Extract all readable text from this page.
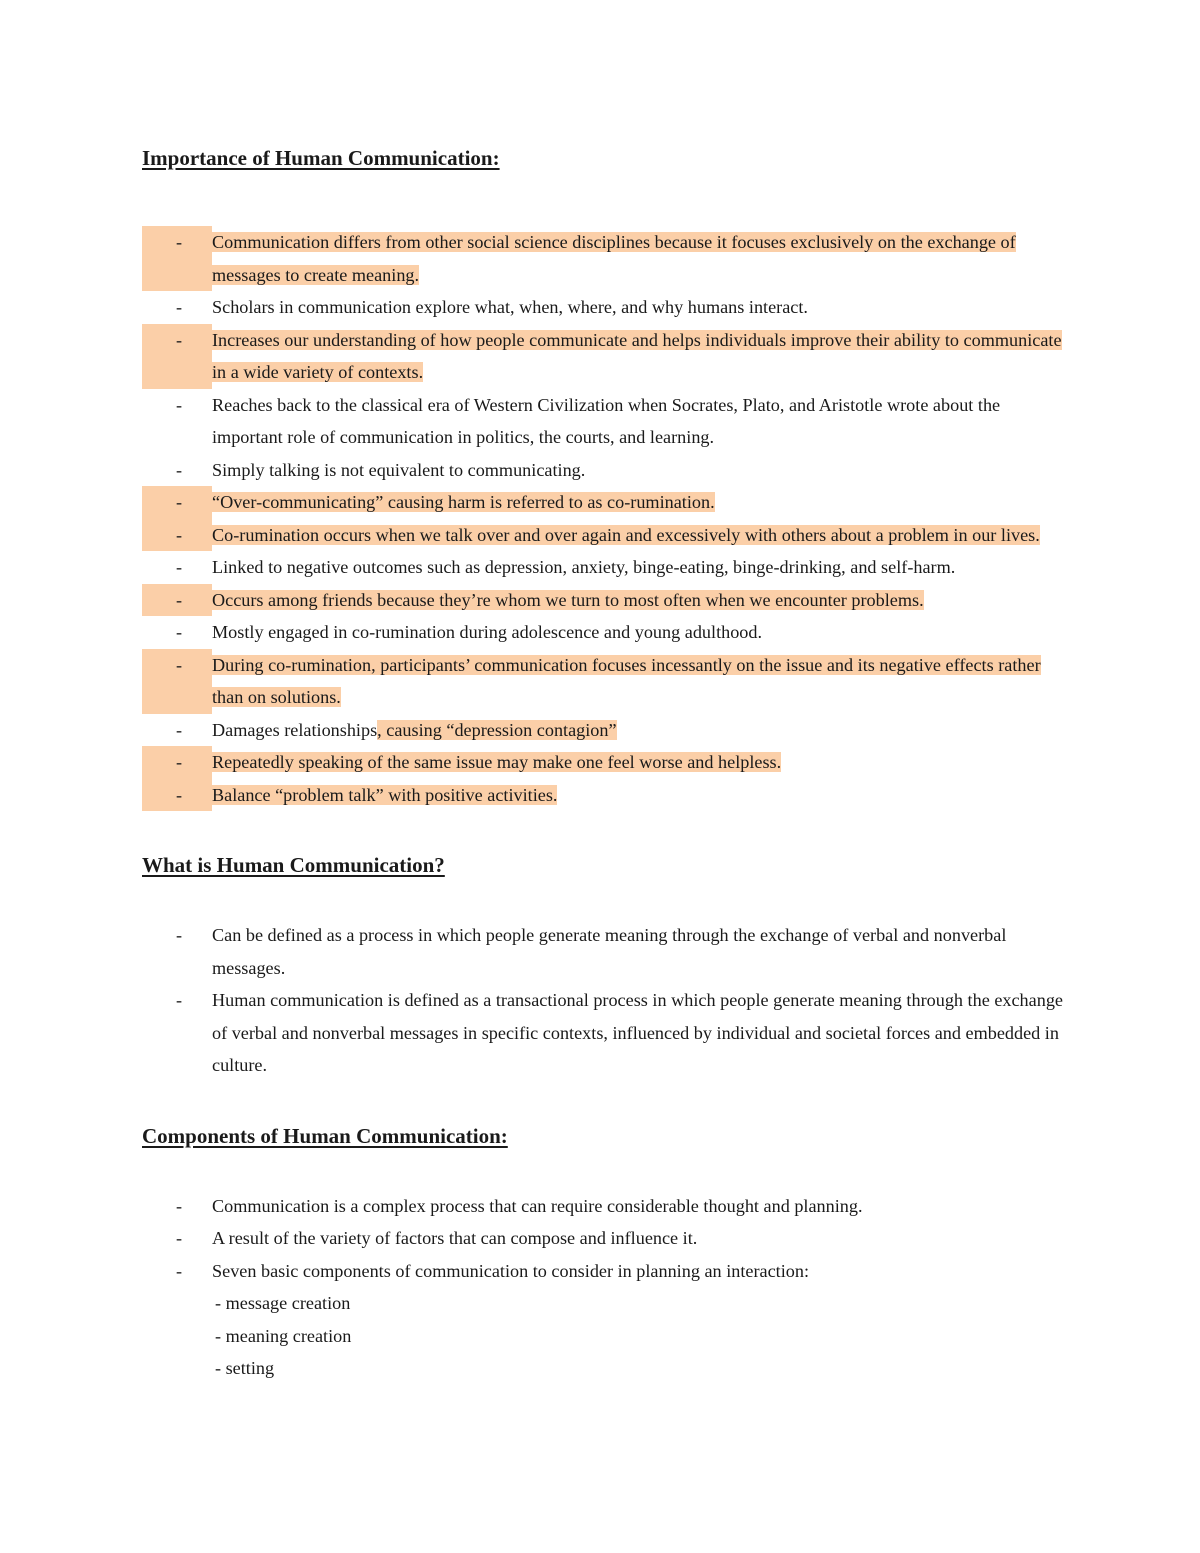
Importance of Human Communication:
-	Communication differs from other social science disciplines because it focuses exclusively on the exchange of messages to create meaning.
-	Scholars in communication explore what, when, where, and why humans interact.
-	Increases our understanding of how people communicate and helps individuals improve their ability to communicate in a wide variety of contexts.
-	Reaches back to the classical era of Western Civilization when Socrates, Plato, and Aristotle wrote about the important role of communication in politics, the courts, and learning.
-	Simply talking is not equivalent to communicating.
-	“Over-communicating” causing harm is referred to as co-rumination.
-	Co-rumination occurs when we talk over and over again and excessively with others about a problem in our lives.
-	Linked to negative outcomes such as depression, anxiety, binge-eating, binge-drinking, and self-harm.
-	Occurs among friends because they’re whom we turn to most often when we encounter problems.
-	Mostly engaged in co-rumination during adolescence and young adulthood.
-	During co-rumination, participants’ communication focuses incessantly on the issue and its negative effects rather than on solutions.
-	Damages relationships, causing “depression contagion”
-	Repeatedly speaking of the same issue may make one feel worse and helpless.
-	Balance “problem talk” with positive activities.
What is Human Communication?
-	Can be defined as a process in which people generate meaning through the exchange of verbal and nonverbal messages.
-	Human communication is defined as a transactional process in which people generate meaning through the exchange of verbal and nonverbal messages in specific contexts, influenced by individual and societal forces and embedded in culture.
Components of Human Communication:
-	Communication is a complex process that can require considerable thought and planning.
-	A result of the variety of factors that can compose and influence it.
-	Seven basic components of communication to consider in planning an interaction:
- message creation
- meaning creation
- setting
